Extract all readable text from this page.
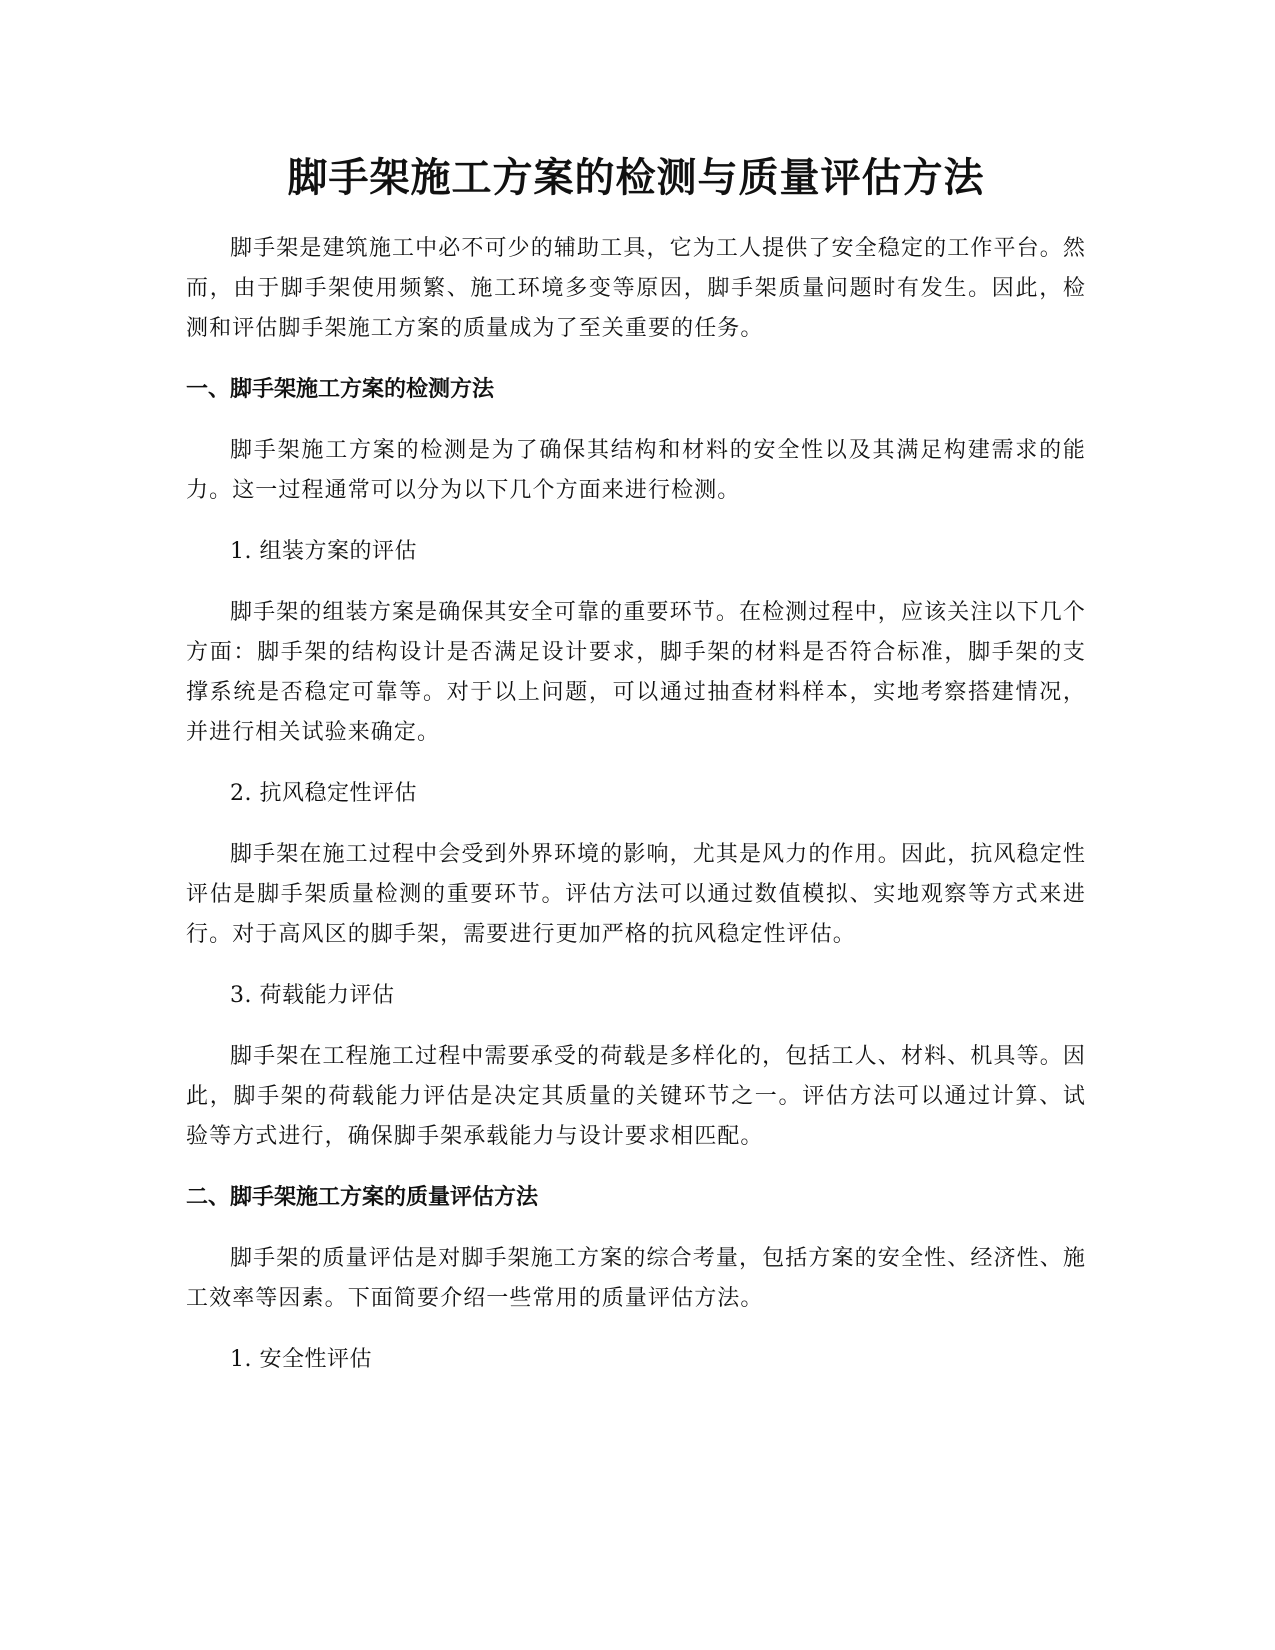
脚手架施工方案的检测与质量评估方法

脚手架是建筑施工中必不可少的辅助工具，它为工人提供了安全稳定的工作平台。然而，由于脚手架使用频繁、施工环境多变等原因，脚手架质量问题时有发生。因此，检测和评估脚手架施工方案的质量成为了至关重要的任务。

一、脚手架施工方案的检测方法

脚手架施工方案的检测是为了确保其结构和材料的安全性以及其满足构建需求的能力。这一过程通常可以分为以下几个方面来进行检测。

1. 组装方案的评估

脚手架的组装方案是确保其安全可靠的重要环节。在检测过程中，应该关注以下几个方面：脚手架的结构设计是否满足设计要求，脚手架的材料是否符合标准，脚手架的支撑系统是否稳定可靠等。对于以上问题，可以通过抽查材料样本，实地考察搭建情况，并进行相关试验来确定。

2. 抗风稳定性评估

脚手架在施工过程中会受到外界环境的影响，尤其是风力的作用。因此，抗风稳定性评估是脚手架质量检测的重要环节。评估方法可以通过数值模拟、实地观察等方式来进行。对于高风区的脚手架，需要进行更加严格的抗风稳定性评估。

3. 荷载能力评估

脚手架在工程施工过程中需要承受的荷载是多样化的，包括工人、材料、机具等。因此，脚手架的荷载能力评估是决定其质量的关键环节之一。评估方法可以通过计算、试验等方式进行，确保脚手架承载能力与设计要求相匹配。

二、脚手架施工方案的质量评估方法

脚手架的质量评估是对脚手架施工方案的综合考量，包括方案的安全性、经济性、施工效率等因素。下面简要介绍一些常用的质量评估方法。

1. 安全性评估
